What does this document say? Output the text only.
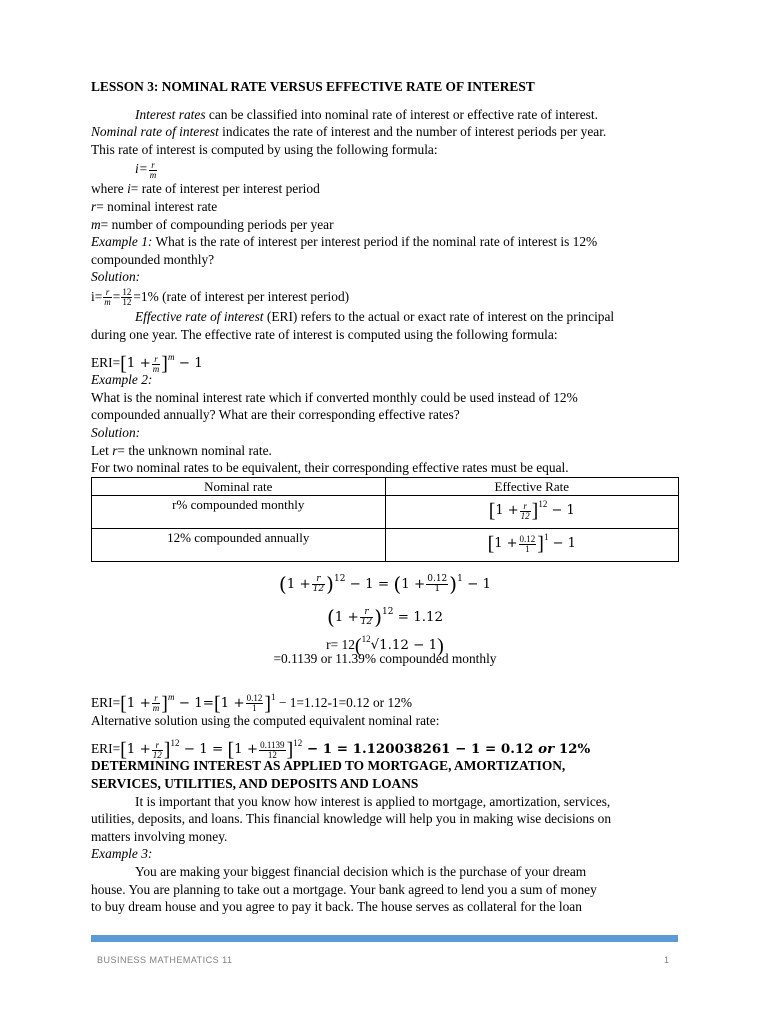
LESSON 3: NOMINAL RATE VERSUS EFFECTIVE RATE OF INTEREST
Interest rates can be classified into nominal rate of interest or effective rate of interest.
Nominal rate of interest indicates the rate of interest and the number of interest periods per year.
This rate of interest is computed by using the following formula:
$i= \frac{r}{m}$
where i= rate of interest per interest period
r= nominal interest rate
m= number of compounding periods per year
Example 1: What is the rate of interest per interest period if the nominal rate of interest is 12%
compounded monthly?
Solution:
$i= \frac{r}{m} = \frac{12}{12} =1\%$ (rate of interest per interest period)
Effective rate of interest (ERI) refers to the actual or exact rate of interest on the principal
during one year. The effective rate of interest is computed using the following formula:
$ERI=[1 + \frac{r}{m} ]^m - 1$
Example 2:
What is the nominal interest rate which if converted monthly could be used instead of 12%
compounded annually? What are their corresponding effective rates?
Solution:
Let r= the unknown nominal rate.
For two nominal rates to be equivalent, their corresponding effective rates must be equal.
Nominal rate	Effective Rate
r% compounded monthly	$[1 + \frac{r}{12} ]^{12} - 1$
12% compounded annually	$[1 + \frac{0.12}{1} ]^1 - 1$
$(1 + \frac{r}{12} )^{12} - 1 = (1 + \frac{0.12}{1} )^1 - 1$
$(1 + \frac{r}{12} )^{12} = 1.12$
r= 12($^{12}$√1.12 − 1)
=0.1139 or 11.39% compounded monthly
$ERI=[1 + \frac{r}{m} ]^m - 1=[1 + \frac{0.12}{1} ]^1 - 1=1.12-1=0.12$ or 12%
Alternative solution using the computed equivalent nominal rate:
$ERI=[1 + \frac{r}{12} ]^{12} - 1 = [1 + \frac{0.1139}{12} ]^{12} - 1 = 1.120038261 - 1 = 0.12$ or 12%
DETERMINING INTEREST AS APPLIED TO MORTGAGE, AMORTIZATION,
SERVICES, UTILITIES, AND DEPOSITS AND LOANS
It is important that you know how interest is applied to mortgage, amortization, services,
utilities, deposits, and loans. This financial knowledge will help you in making wise decisions on
matters involving money.
Example 3:
You are making your biggest financial decision which is the purchase of your dream
house. You are planning to take out a mortgage. Your bank agreed to lend you a sum of money
to buy dream house and you agree to pay it back. The house serves as collateral for the loan
BUSINESS MATHEMATICS 11	1
